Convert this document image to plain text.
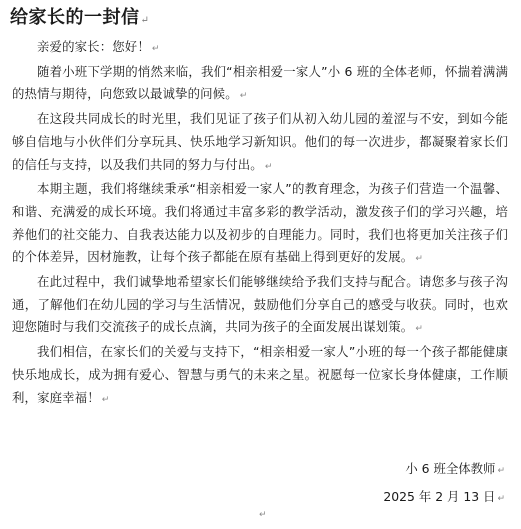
给家长的一封信↵

亲爱的家长：您好！ ↵

随着小班下学期的悄然来临，我们“相亲相爱一家人”小 6 班的全体老师，怀揣着满满的热情与期待，向您致以最诚挚的问候。 ↵

在这段共同成长的时光里，我们见证了孩子们从初入幼儿园的羞涩与不安，到如今能够自信地与小伙伴们分享玩具、快乐地学习新知识。他们的每一次进步，都凝聚着家长们的信任与支持，以及我们共同的努力与付出。 ↵

本期主题，我们将继续秉承“相亲相爱一家人”的教育理念，为孩子们营造一个温馨、和谐、充满爱的成长环境。我们将通过丰富多彩的教学活动，激发孩子们的学习兴趣，培养他们的社交能力、自我表达能力以及初步的自理能力。同时，我们也将更加关注孩子们的个体差异，因材施教，让每个孩子都能在原有基础上得到更好的发展。 ↵

在此过程中，我们诚挚地希望家长们能够继续给予我们支持与配合。请您多与孩子沟通，了解他们在幼儿园的学习与生活情况，鼓励他们分享自己的感受与收获。同时，也欢迎您随时与我们交流孩子的成长点滴，共同为孩子的全面发展出谋划策。 ↵

我们相信，在家长们的关爱与支持下，“相亲相爱一家人”小班的每一个孩子都能健康快乐地成长，成为拥有爱心、智慧与勇气的未来之星。祝愿每一位家长身体健康，工作顺利，家庭幸福！ ↵

小 6 班全体教师 ↵
2025 年 2 月 13 日 ↵
↵
